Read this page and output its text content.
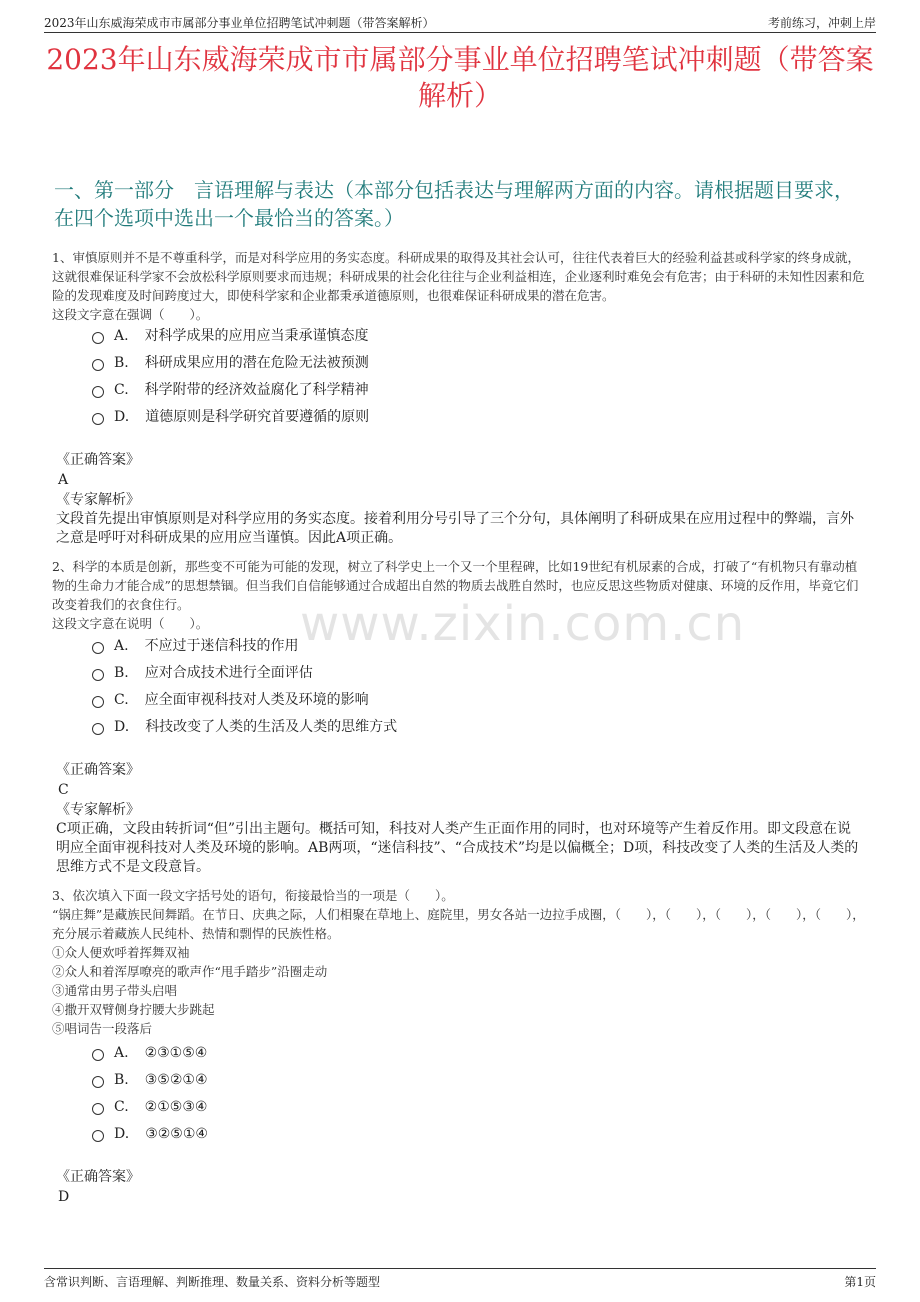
2023年山东威海荣成市市属部分事业单位招聘笔试冲刺题（带答案解析）	考前练习，冲刺上岸
2023年山东威海荣成市市属部分事业单位招聘笔试冲刺题（带答案解析）
一、第一部分　言语理解与表达（本部分包括表达与理解两方面的内容。请根据题目要求，在四个选项中选出一个最恰当的答案。）
www.zixin.com.cn

1、审慎原则并不是不尊重科学，而是对科学应用的务实态度。科研成果的取得及其社会认可，往往代表着巨大的经验利益甚或科学家的终身成就，这就很难保证科学家不会放松科学原则要求而违规；科研成果的社会化往往与企业利益相连，企业逐利时难免会有危害；由于科研的未知性因素和危险的发现难度及时间跨度过大，即使科学家和企业都秉承道德原则，也很难保证科研成果的潜在危害。

这段文字意在强调（　　）。

A. 对科学成果的应用应当秉承谨慎态度
B. 科研成果应用的潜在危险无法被预测
C. 科学附带的经济效益腐化了科学精神
D. 道德原则是科学研究首要遵循的原则

《正确答案》

A

《专家解析》

文段首先提出审慎原则是对科学应用的务实态度。接着利用分号引导了三个分句，具体阐明了科研成果在应用过程中的弊端，言外之意是呼吁对科研成果的应用应当谨慎。因此A项正确。

2、科学的本质是创新，那些变不可能为可能的发现，树立了科学史上一个又一个里程碑，比如19世纪有机尿素的合成，打破了“有机物只有靠动植物的生命力才能合成”的思想禁锢。但当我们自信能够通过合成超出自然的物质去战胜自然时，也应反思这些物质对健康、环境的反作用，毕竟它们改变着我们的衣食住行。

这段文字意在说明（　　）。

A. 不应过于迷信科技的作用
B. 应对合成技术进行全面评估
C. 应全面审视科技对人类及环境的影响
D. 科技改变了人类的生活及人类的思维方式

《正确答案》

C

《专家解析》

C项正确，文段由转折词“但”引出主题句。概括可知，科技对人类产生正面作用的同时，也对环境等产生着反作用。即文段意在说明应全面审视科技对人类及环境的影响。AB两项，“迷信科技”、“合成技术”均是以偏概全；D项，科技改变了人类的生活及人类的思维方式不是文段意旨。

3、依次填入下面一段文字括号处的语句，衔接最恰当的一项是（　　）。

“锅庄舞”是藏族民间舞蹈。在节日、庆典之际，人们相聚在草地上、庭院里，男女各站一边拉手成圈，（　　），（　　），（　　），（　　），（　　），充分展示着藏族人民纯朴、热情和剽悍的民族性格。

①众人便欢呼着挥舞双袖

②众人和着浑厚嘹亮的歌声作“甩手踏步”沿圈走动

③通常由男子带头启唱

④撒开双臂侧身拧腰大步跳起

⑤唱词告一段落后

A. ②③①⑤④
B. ③⑤②①④
C. ②①⑤③④
D. ③②⑤①④

《正确答案》

D

含常识判断、言语理解、判断推理、数量关系、资料分析等题型	第1页
